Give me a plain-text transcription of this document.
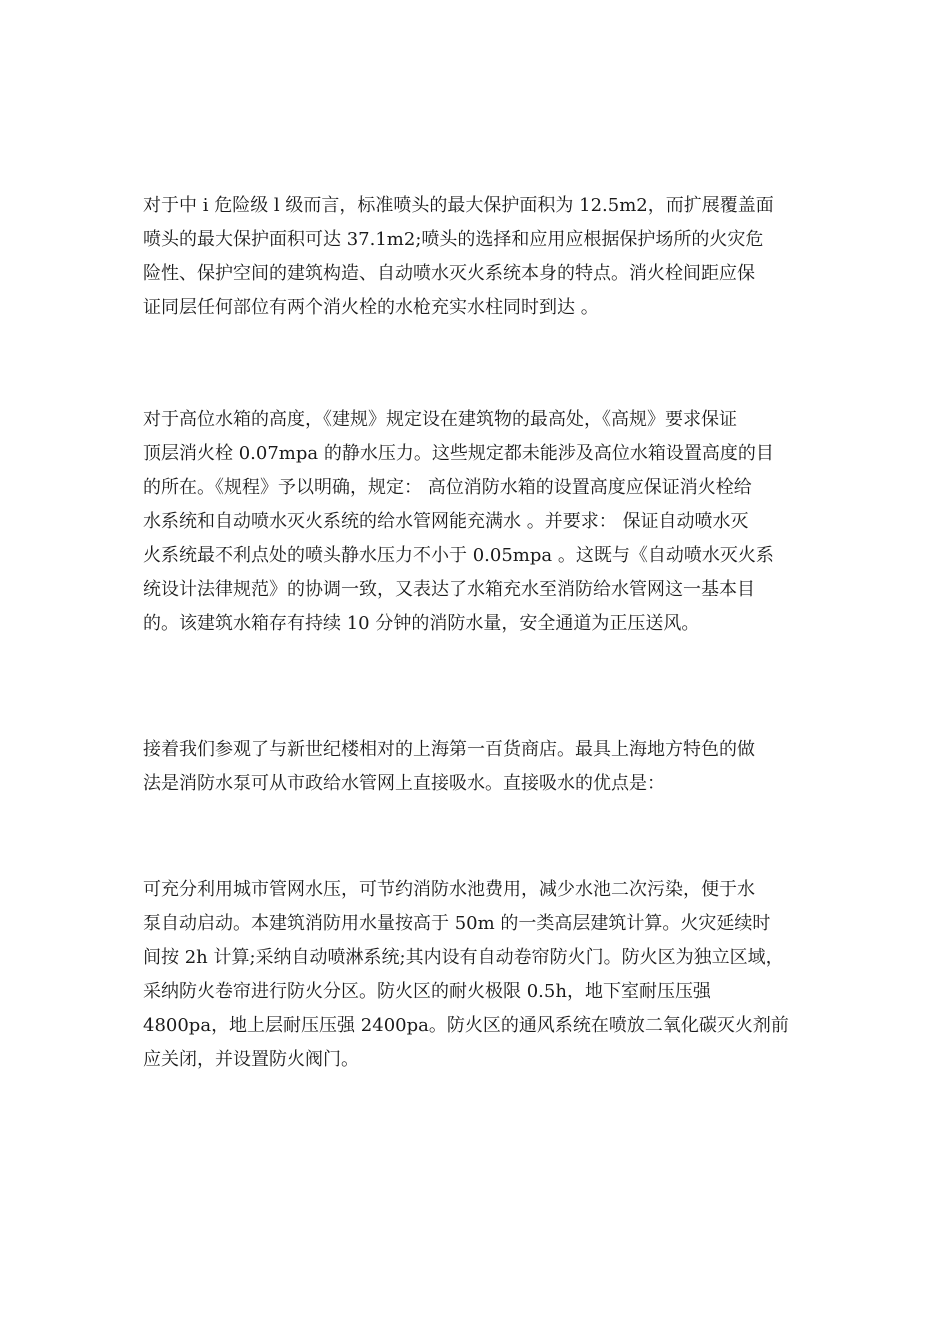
对于中 i 危险级 l 级而言，标准喷头的最大保护面积为 12.5m2，而扩展覆盖面
喷头的最大保护面积可达 37.1m2;喷头的选择和应用应根据保护场所的火灾危
险性、保护空间的建筑构造、自动喷水灭火系统本身的特点。消火栓间距应保
证同层任何部位有两个消火栓的水枪充实水柱同时到达 。
对于高位水箱的高度，《建规》规定设在建筑物的最高处，《高规》要求保证
顶层消火栓 0.07mpa 的静水压力。这些规定都未能涉及高位水箱设置高度的目
的所在。《规程》予以明确，规定： 高位消防水箱的设置高度应保证消火栓给
水系统和自动喷水灭火系统的给水管网能充满水 。并要求： 保证自动喷水灭
火系统最不利点处的喷头静水压力不小于 0.05mpa 。这既与《自动喷水灭火系
统设计法律规范》的协调一致，又表达了水箱充水至消防给水管网这一基本目
的。该建筑水箱存有持续 10 分钟的消防水量，安全通道为正压送风。
接着我们参观了与新世纪楼相对的上海第一百货商店。最具上海地方特色的做
法是消防水泵可从市政给水管网上直接吸水。直接吸水的优点是：
可充分利用城市管网水压，可节约消防水池费用，减少水池二次污染，便于水
泵自动启动。本建筑消防用水量按高于 50m 的一类高层建筑计算。火灾延续时
间按 2h 计算;采纳自动喷淋系统;其内设有自动卷帘防火门。防火区为独立区域，
采纳防火卷帘进行防火分区。防火区的耐火极限 0.5h，地下室耐压压强
4800pa，地上层耐压压强 2400pa。防火区的通风系统在喷放二氧化碳灭火剂前
应关闭，并设置防火阀门。
